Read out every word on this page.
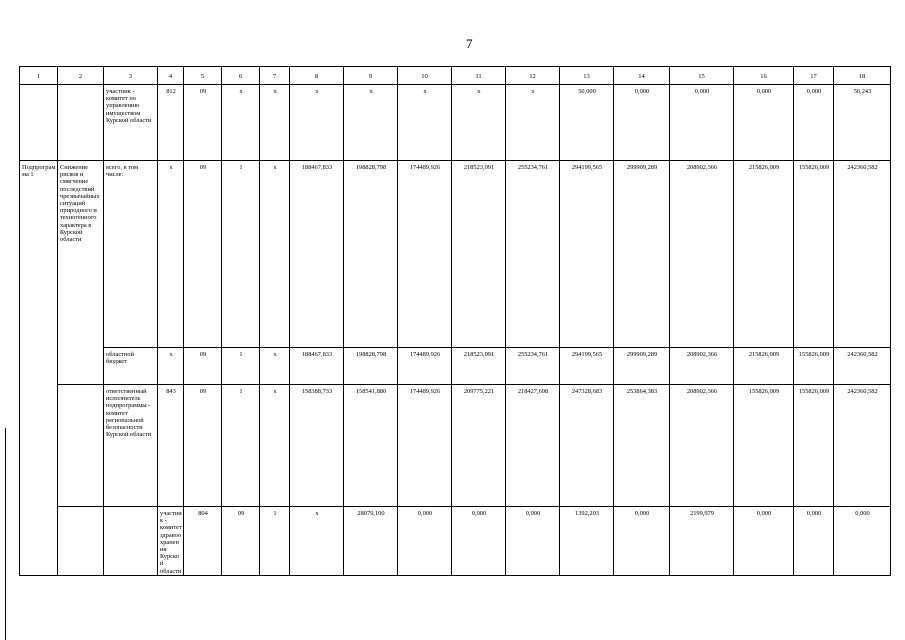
7
1	2	3	4	5	6	7	8	9	10	11	12	13	14	15	16	17	18	
		участник - комитет по управлению имуществом Курской области	812	09	x	x	x	x	x	x	x	50,000	0,000	0,000	0,000	0,000	56,243	
Подпрограмма 1	Снижение рисков и смягчение последствий чрезвычайных ситуаций природного и техногенного характера в Курской области	всего, в том числе:	x	09	1	x	188467,833	198828,798	174489,926	218523,091	255234,761	294199,565	299909,289	208902,366	215826,009	155826,009	242360,582	
		областной бюджет	x	09	1	x	188467,833	198828,798	174489,926	218523,091	255234,761	294199,565	299909,289	208902,366	215826,009	155826,009	242360,582	
		ответственный исполнитель подпрограммы - комитет региональной безопасности Курской области	843	09	1	x	158388,733	158541,880	174489,926	209775,221	218427,698	247328,683	253864,383	208902,366	155826,009	155826,009	242360,582	
			участник - комитет здравоохранения Курской области	804	09	1	x	28079,100	0,000	0,000	0,000	1392,203	0,000	2199,979	0,000	0,000	0,000	
